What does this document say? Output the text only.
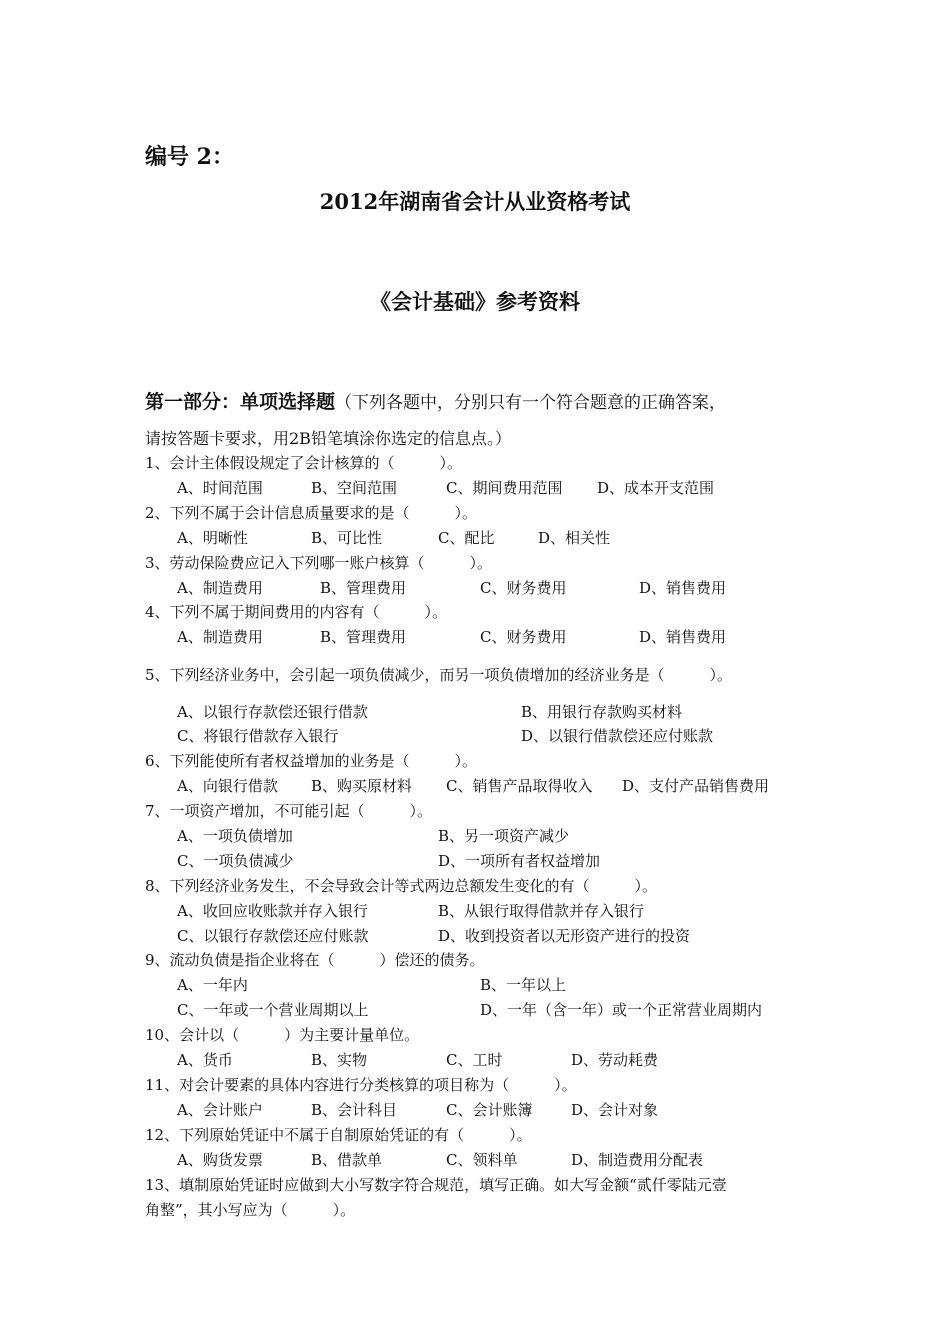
编号 2：
2012年湖南省会计从业资格考试
《会计基础》参考资料
第一部分：单项选择题（下列各题中，分别只有一个符合题意的正确答案，
请按答题卡要求，用2B铅笔填涂你选定的信息点。）
1、会计主体假设规定了会计核算的（　　　）。
A、时间范围	B、空间范围	C、期间费用范围 D、成本开支范围
2、下列不属于会计信息质量要求的是（　　　）。
A、明晰性	B、可比性	C、配比	D、相关性
3、劳动保险费应记入下列哪一账户核算（　　　）。
A、制造费用	B、管理费用	C、财务费用	D、销售费用
4、下列不属于期间费用的内容有（　　　）。
A、制造费用	B、管理费用	C、财务费用	D、销售费用
5、下列经济业务中，会引起一项负债减少，而另一项负债增加的经济业务是（　　　）。
A、以银行存款偿还银行借款	B、用银行存款购买材料
C、将银行借款存入银行	D、以银行借款偿还应付账款
6、下列能使所有者权益增加的业务是（　　　）。
A、向银行借款 B、购买原材料 C、销售产品取得收入 D、支付产品销售费用
7、一项资产增加，不可能引起（　　　）。
A、一项负债增加	B、另一项资产减少
C、一项负债减少	D、一项所有者权益增加
8、下列经济业务发生，不会导致会计等式两边总额发生变化的有（　　　）。
A、收回应收账款并存入银行	B、从银行取得借款并存入银行
C、以银行存款偿还应付账款	D、收到投资者以无形资产进行的投资
9、流动负债是指企业将在（　　　）偿还的债务。
A、一年内	B、一年以上
C、一年或一个营业周期以上	D、一年（含一年）或一个正常营业周期内
10、会计以（　　　）为主要计量单位。
A、货币	B、实物	C、工时	D、劳动耗费
11、对会计要素的具体内容进行分类核算的项目称为（　　　）。
A、会计账户	B、会计科目	C、会计账簿	D、会计对象
12、下列原始凭证中不属于自制原始凭证的有（　　　）。
A、购货发票	B、借款单	C、领料单	D、制造费用分配表
13、填制原始凭证时应做到大小写数字符合规范，填写正确。如大写金额“贰仟零陆元壹
角整”，其小写应为（　　　）。
